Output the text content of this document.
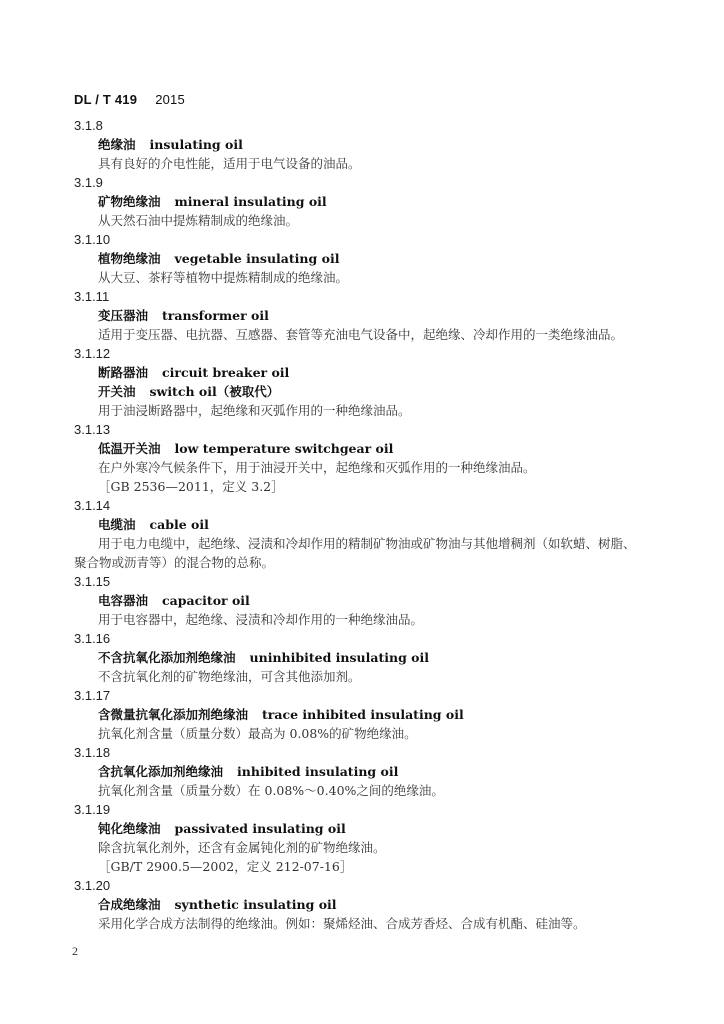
DL / T 419 2015
3.1.8
绝缘油 insulating oil
具有良好的介电性能，适用于电气设备的油品。
3.1.9
矿物绝缘油 mineral insulating oil
从天然石油中提炼精制成的绝缘油。
3.1.10
植物绝缘油 vegetable insulating oil
从大豆、茶籽等植物中提炼精制成的绝缘油。
3.1.11
变压器油 transformer oil
适用于变压器、电抗器、互感器、套管等充油电气设备中，起绝缘、冷却作用的一类绝缘油品。
3.1.12
断路器油 circuit breaker oil
开关油 switch oil（被取代）
用于油浸断路器中，起绝缘和灭弧作用的一种绝缘油品。
3.1.13
低温开关油 low temperature switchgear oil
在户外寒冷气候条件下，用于油浸开关中，起绝缘和灭弧作用的一种绝缘油品。
［GB 2536—2011，定义 3.2］
3.1.14
电缆油 cable oil
用于电力电缆中，起绝缘、浸渍和冷却作用的精制矿物油或矿物油与其他增稠剂（如软蜡、树脂、
聚合物或沥青等）的混合物的总称。
3.1.15
电容器油 capacitor oil
用于电容器中，起绝缘、浸渍和冷却作用的一种绝缘油品。
3.1.16
不含抗氧化添加剂绝缘油 uninhibited insulating oil
不含抗氧化剂的矿物绝缘油，可含其他添加剂。
3.1.17
含微量抗氧化添加剂绝缘油 trace inhibited insulating oil
抗氧化剂含量（质量分数）最高为 0.08%的矿物绝缘油。
3.1.18
含抗氧化添加剂绝缘油 inhibited insulating oil
抗氧化剂含量（质量分数）在 0.08%～0.40%之间的绝缘油。
3.1.19
钝化绝缘油 passivated insulating oil
除含抗氧化剂外，还含有金属钝化剂的矿物绝缘油。
［GB/T 2900.5—2002，定义 212-07-16］
3.1.20
合成绝缘油 synthetic insulating oil
采用化学合成方法制得的绝缘油。例如：聚烯烃油、合成芳香烃、合成有机酯、硅油等。
2
